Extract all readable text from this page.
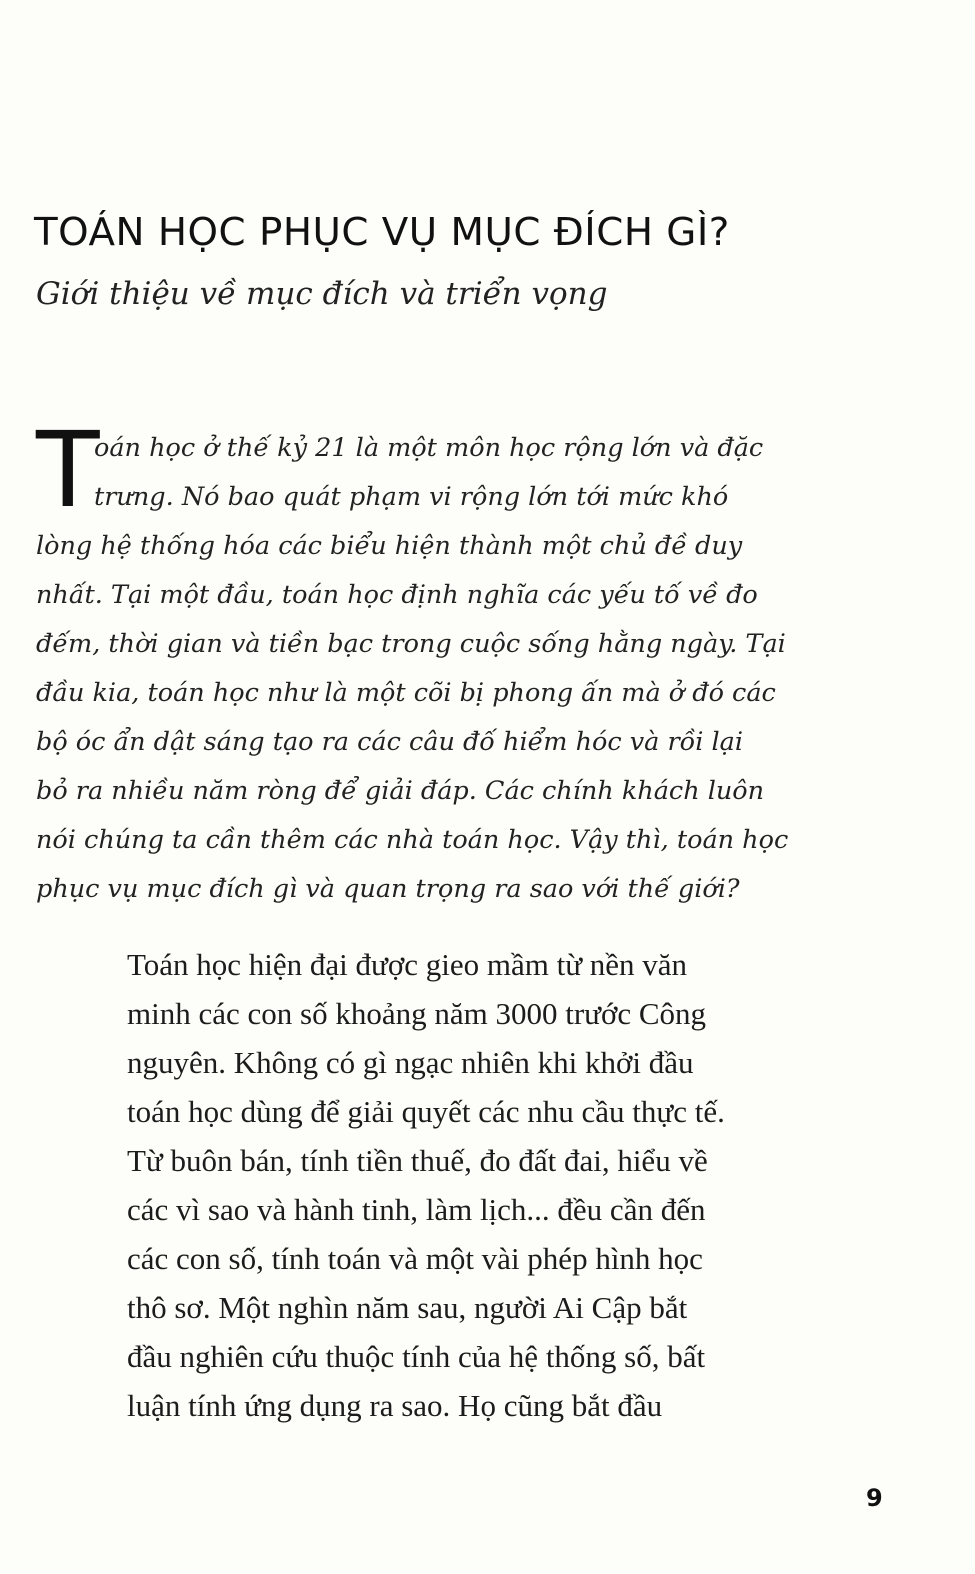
TOÁN HỌC PHỤC VỤ MỤC ĐÍCH GÌ?
Giới thiệu về mục đích và triển vọng
T
oán học ở thế kỷ 21 là một môn học rộng lớn và đặc
trưng. Nó bao quát phạm vi rộng lớn tới mức khó
lòng hệ thống hóa các biểu hiện thành một chủ đề duy
nhất. Tại một đầu, toán học định nghĩa các yếu tố về đo
đếm, thời gian và tiền bạc trong cuộc sống hằng ngày. Tại
đầu kia, toán học như là một cõi bị phong ấn mà ở đó các
bộ óc ẩn dật sáng tạo ra các câu đố hiểm hóc và rồi lại
bỏ ra nhiều năm ròng để giải đáp. Các chính khách luôn
nói chúng ta cần thêm các nhà toán học. Vậy thì, toán học
phục vụ mục đích gì và quan trọng ra sao với thế giới?
Toán học hiện đại được gieo mầm từ nền văn
minh các con số khoảng năm 3000 trước Công
nguyên. Không có gì ngạc nhiên khi khởi đầu
toán học dùng để giải quyết các nhu cầu thực tế.
Từ buôn bán, tính tiền thuế, đo đất đai, hiểu về
các vì sao và hành tinh, làm lịch... đều cần đến
các con số, tính toán và một vài phép hình học
thô sơ. Một nghìn năm sau, người Ai Cập bắt
đầu nghiên cứu thuộc tính của hệ thống số, bất
luận tính ứng dụng ra sao. Họ cũng bắt đầu
9
